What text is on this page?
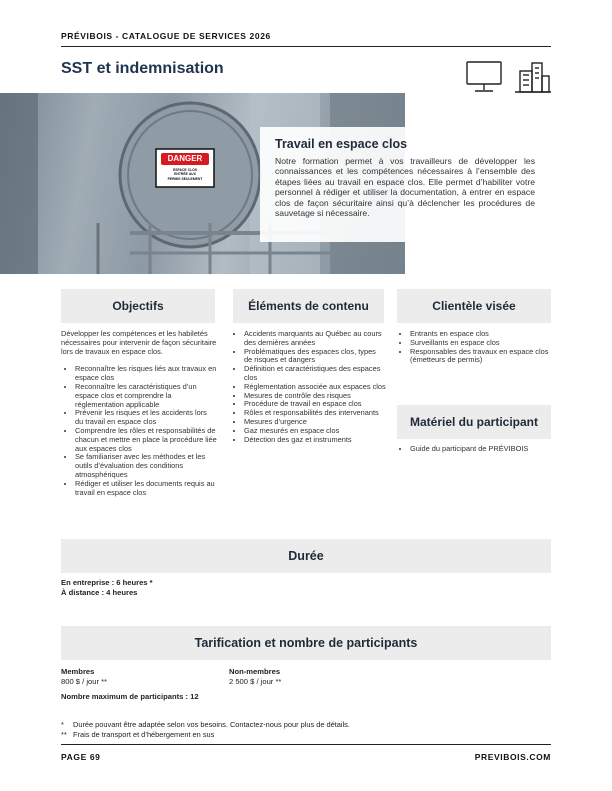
PRÉVIBOIS - CATALOGUE DE SERVICES 2026
SST et indemnisation
DANGER
ESPACE CLOS
ENTRÉE AUX
PERMIS SEULEMENT
Travail en espace clos

Notre formation permet à vos travailleurs de développer les connaissances et les compétences nécessaires à l’ensemble des étapes liées au travail en espace clos. Elle permet d’habiliter votre personnel à rédiger et utiliser la documentation, à entrer en espace clos de façon sécuritaire ainsi qu’à déclencher les procédures de sauvetage si nécessaire.

Objectifs

Développer les compétences et les habiletés nécessaires pour intervenir de façon sécuritaire lors de travaux en espace clos.

• Reconnaître les risques liés aux travaux en espace clos
• Reconnaître les caractéristiques d’un espace clos et comprendre la réglementation applicable
• Prévenir les risques et les accidents lors du travail en espace clos
• Comprendre les rôles et responsabilités de chacun et mettre en place la procédure liée aux espaces clos
• Se familiariser avec les méthodes et les outils d’évaluation des conditions atmosphériques
• Rédiger et utiliser les documents requis au travail en espace clos
Éléments de contenu
• Accidents marquants au Québec au cours des dernières années
• Problématiques des espaces clos, types de risques et dangers
• Définition et caractéristiques des espaces clos
• Réglementation associée aux espaces clos
• Mesures de contrôle des risques
• Procédure de travail en espace clos
• Rôles et responsabilités des intervenants
• Mesures d’urgence
• Gaz mesurés en espace clos
• Détection des gaz et instruments
Clientèle visée
• Entrants en espace clos
• Surveillants en espace clos
• Responsables des travaux en espace clos (émetteurs de permis)
Matériel du participant
• Guide du participant de PRÉVIBOIS
Durée
En entreprise : 6 heures *
À distance : 4 heures
Tarification et nombre de participants
Membres
800 $ / jour **
Non-membres
2 500 $ / jour **
Nombre maximum de participants : 12
* Durée pouvant être adaptée selon vos besoins. Contactez-nous pour plus de détails.
** Frais de transport et d’hébergement en sus
PAGE 69	PREVIBOIS.COM
